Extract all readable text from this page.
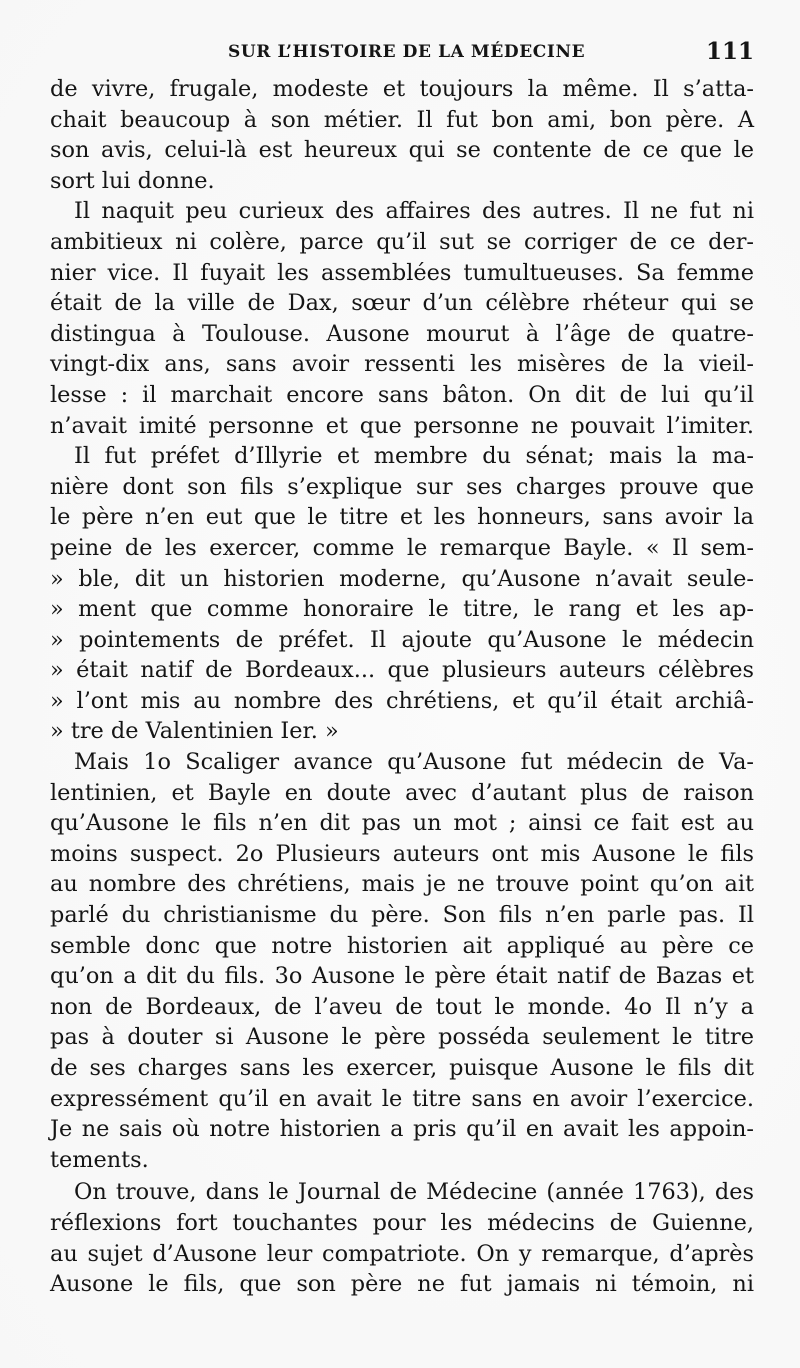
SUR L’HISTOIRE DE LA MÉDECINE	111
de vivre, frugale, modeste et toujours la même. Il s’atta-
chait beaucoup à son métier. Il fut bon ami, bon père. A
son avis, celui-là est heureux qui se contente de ce que le
sort lui donne.
Il naquit peu curieux des affaires des autres. Il ne fut ni
ambitieux ni colère, parce qu’il sut se corriger de ce der-
nier vice. Il fuyait les assemblées tumultueuses. Sa femme
était de la ville de Dax, sœur d’un célèbre rhéteur qui se
distingua à Toulouse. Ausone mourut à l’âge de quatre-
vingt-dix ans, sans avoir ressenti les misères de la vieil-
lesse : il marchait encore sans bâton. On dit de lui qu’il
n’avait imité personne et que personne ne pouvait l’imiter.
Il fut préfet d’Illyrie et membre du sénat; mais la ma-
nière dont son fils s’explique sur ses charges prouve que
le père n’en eut que le titre et les honneurs, sans avoir la
peine de les exercer, comme le remarque Bayle. « Il sem-
» ble, dit un historien moderne, qu’Ausone n’avait seule-
» ment que comme honoraire le titre, le rang et les ap-
» pointements de préfet. Il ajoute qu’Ausone le médecin
» était natif de Bordeaux... que plusieurs auteurs célèbres
» l’ont mis au nombre des chrétiens, et qu’il était archiâ-
» tre de Valentinien Ier. »
Mais 1o Scaliger avance qu’Ausone fut médecin de Va-
lentinien, et Bayle en doute avec d’autant plus de raison
qu’Ausone le fils n’en dit pas un mot ; ainsi ce fait est au
moins suspect. 2o Plusieurs auteurs ont mis Ausone le fils
au nombre des chrétiens, mais je ne trouve point qu’on ait
parlé du christianisme du père. Son fils n’en parle pas. Il
semble donc que notre historien ait appliqué au père ce
qu’on a dit du fils. 3o Ausone le père était natif de Bazas et
non de Bordeaux, de l’aveu de tout le monde. 4o Il n’y a
pas à douter si Ausone le père posséda seulement le titre
de ses charges sans les exercer, puisque Ausone le fils dit
expressément qu’il en avait le titre sans en avoir l’exercice.
Je ne sais où notre historien a pris qu’il en avait les appoin-
tements.
On trouve, dans le Journal de Médecine (année 1763), des
réflexions fort touchantes pour les médecins de Guienne,
au sujet d’Ausone leur compatriote. On y remarque, d’après
Ausone le fils, que son père ne fut jamais ni témoin, ni
